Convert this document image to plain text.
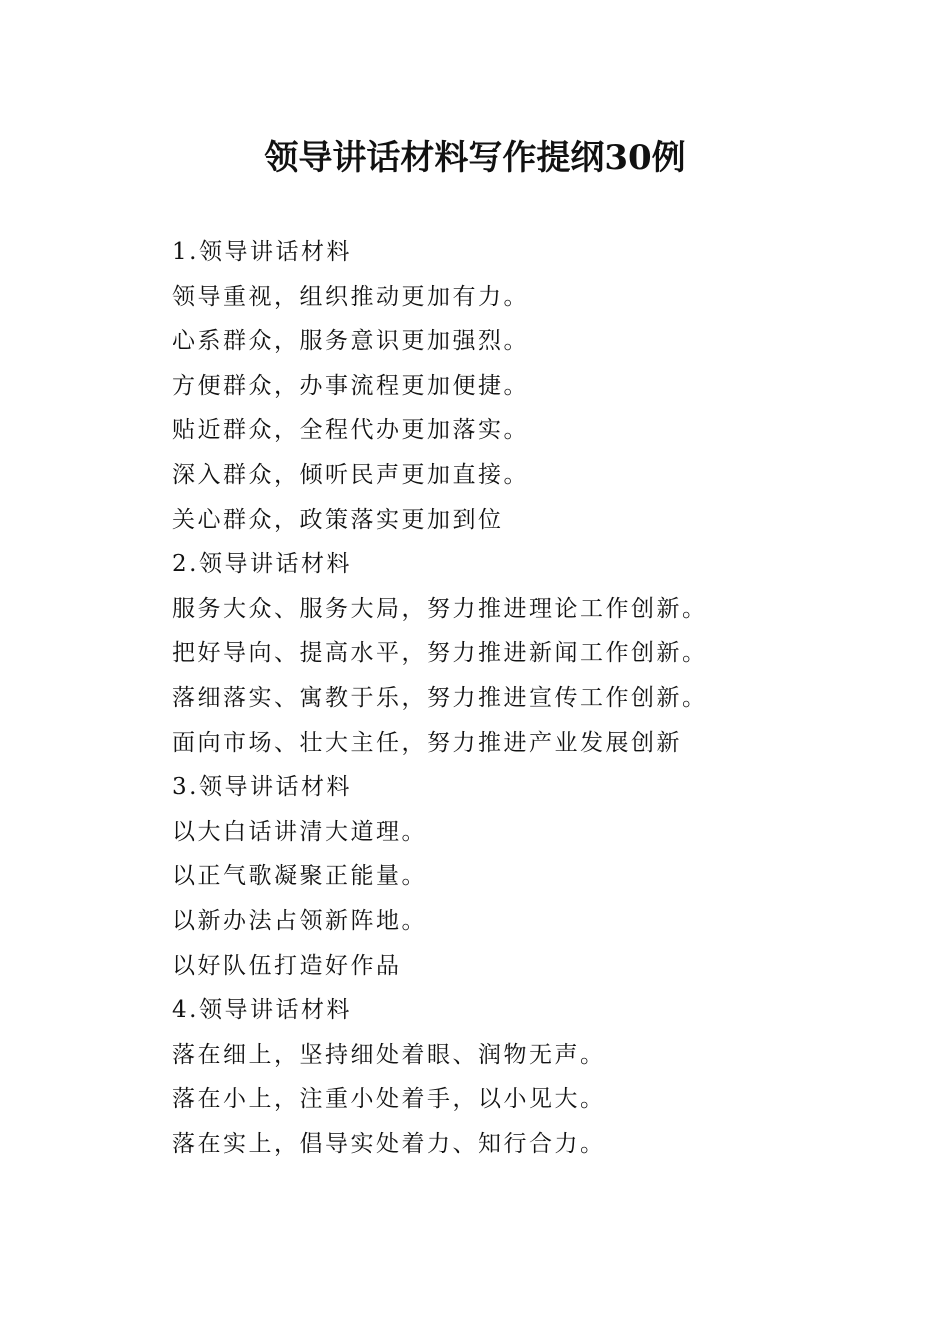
领导讲话材料写作提纲30例

1.领导讲话材料

领导重视，组织推动更加有力。

心系群众，服务意识更加强烈。

方便群众，办事流程更加便捷。

贴近群众，全程代办更加落实。

深入群众，倾听民声更加直接。

关心群众，政策落实更加到位

2.领导讲话材料

服务大众、服务大局，努力推进理论工作创新。

把好导向、提高水平，努力推进新闻工作创新。

落细落实、寓教于乐，努力推进宣传工作创新。

面向市场、壮大主任，努力推进产业发展创新

3.领导讲话材料

以大白话讲清大道理。

以正气歌凝聚正能量。

以新办法占领新阵地。

以好队伍打造好作品

4.领导讲话材料

落在细上，坚持细处着眼、润物无声。

落在小上，注重小处着手，以小见大。

落在实上，倡导实处着力、知行合力。
